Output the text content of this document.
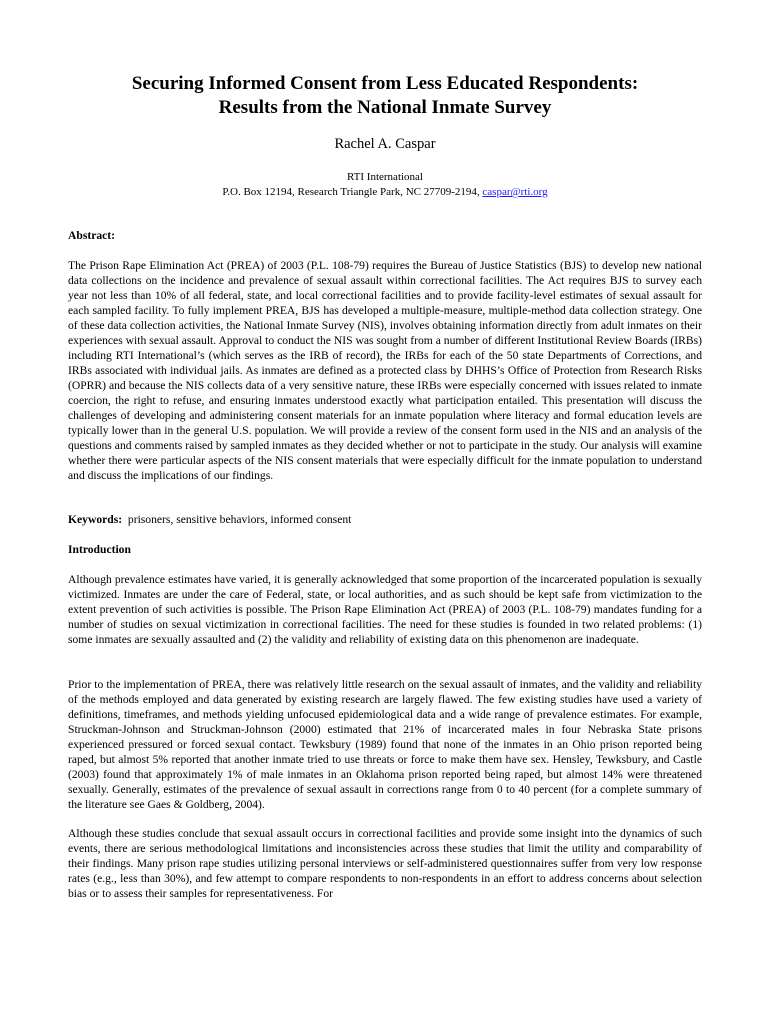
Securing Informed Consent from Less Educated Respondents:
Results from the National Inmate Survey
Rachel A. Caspar
RTI International
P.O. Box 12194, Research Triangle Park, NC 27709-2194, caspar@rti.org
Abstract:

The Prison Rape Elimination Act (PREA) of 2003 (P.L. 108-79) requires the Bureau of Justice Statistics (BJS) to develop new national data collections on the incidence and prevalence of sexual assault within correctional facilities. The Act requires BJS to survey each year not less than 10% of all federal, state, and local correctional facilities and to provide facility-level estimates of sexual assault for each sampled facility. To fully implement PREA, BJS has developed a multiple-measure, multiple-method data collection strategy. One of these data collection activities, the National Inmate Survey (NIS), involves obtaining information directly from adult inmates on their experiences with sexual assault. Approval to conduct the NIS was sought from a number of different Institutional Review Boards (IRBs) including RTI International’s (which serves as the IRB of record), the IRBs for each of the 50 state Departments of Corrections, and IRBs associated with individual jails. As inmates are defined as a protected class by DHHS’s Office of Protection from Research Risks (OPRR) and because the NIS collects data of a very sensitive nature, these IRBs were especially concerned with issues related to inmate coercion, the right to refuse, and ensuring inmates understood exactly what participation entailed. This presentation will discuss the challenges of developing and administering consent materials for an inmate population where literacy and formal education levels are typically lower than in the general U.S. population. We will provide a review of the consent form used in the NIS and an analysis of the questions and comments raised by sampled inmates as they decided whether or not to participate in the study. Our analysis will examine whether there were particular aspects of the NIS consent materials that were especially difficult for the inmate population to understand and discuss the implications of our findings.

Keywords: prisoners, sensitive behaviors, informed consent
Introduction

Although prevalence estimates have varied, it is generally acknowledged that some proportion of the incarcerated population is sexually victimized. Inmates are under the care of Federal, state, or local authorities, and as such should be kept safe from victimization to the extent prevention of such activities is possible. The Prison Rape Elimination Act (PREA) of 2003 (P.L. 108-79) mandates funding for a number of studies on sexual victimization in correctional facilities. The need for these studies is founded in two related problems: (1) some inmates are sexually assaulted and (2) the validity and reliability of existing data on this phenomenon are inadequate.

Prior to the implementation of PREA, there was relatively little research on the sexual assault of inmates, and the validity and reliability of the methods employed and data generated by existing research are largely flawed. The few existing studies have used a variety of definitions, timeframes, and methods yielding unfocused epidemiological data and a wide range of prevalence estimates. For example, Struckman-Johnson and Struckman-Johnson (2000) estimated that 21% of incarcerated males in four Nebraska State prisons experienced pressured or forced sexual contact. Tewksbury (1989) found that none of the inmates in an Ohio prison reported being raped, but almost 5% reported that another inmate tried to use threats or force to make them have sex. Hensley, Tewksbury, and Castle (2003) found that approximately 1% of male inmates in an Oklahoma prison reported being raped, but almost 14% were threatened sexually. Generally, estimates of the prevalence of sexual assault in corrections range from 0 to 40 percent (for a complete summary of the literature see Gaes & Goldberg, 2004).

Although these studies conclude that sexual assault occurs in correctional facilities and provide some insight into the dynamics of such events, there are serious methodological limitations and inconsistencies across these studies that limit the utility and comparability of their findings. Many prison rape studies utilizing personal interviews or self-administered questionnaires suffer from very low response rates (e.g., less than 30%), and few attempt to compare respondents to non-respondents in an effort to address concerns about selection bias or to assess their samples for representativeness. For
